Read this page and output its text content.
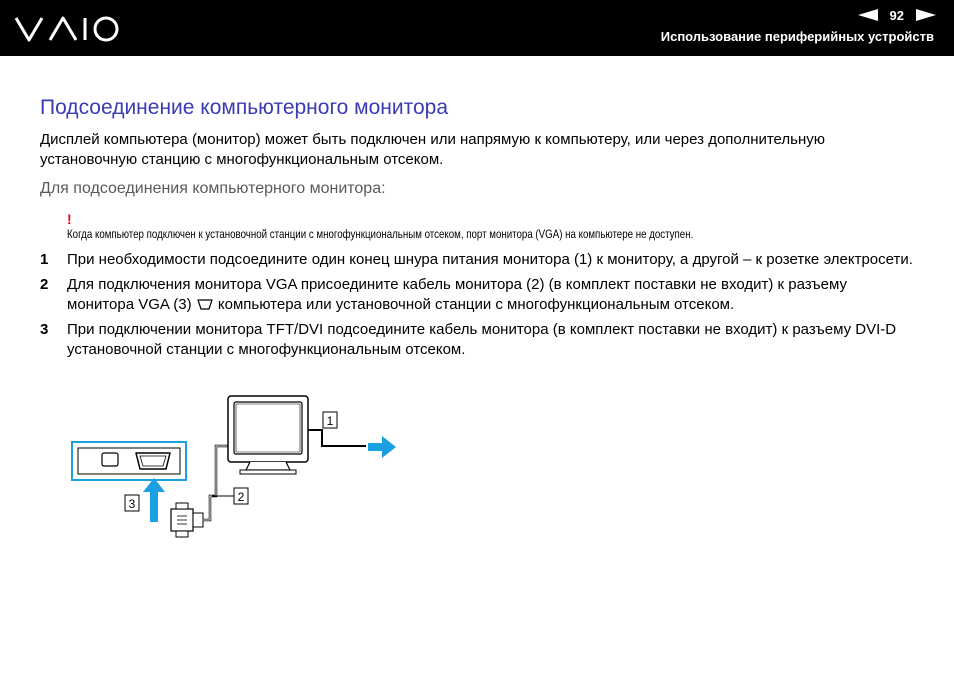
92
Использование периферийных устройств
Подсоединение компьютерного монитора

Дисплей компьютера (монитор) может быть подключен или напрямую к компьютеру, или через дополнительную установочную станцию с многофункциональным отсеком.

Для подсоединения компьютерного монитора:

!
Когда компьютер подключен к установочной станции с многофункциональным отсеком, порт монитора (VGA) на компьютере не доступен.
1	При необходимости подсоедините один конец шнура питания монитора (1) к монитору, а другой – к розетке электросети.
2	Для подключения монитора VGA присоедините кабель монитора (2) (в комплект поставки не входит) к разъему монитора VGA (3) компьютера или установочной станции с многофункциональным отсеком.
3	При подключении монитора TFT/DVI подсоедините кабель монитора (в комплект поставки не входит) к разъему DVI-D установочной станции с многофункциональным отсеком.
3	2
1
